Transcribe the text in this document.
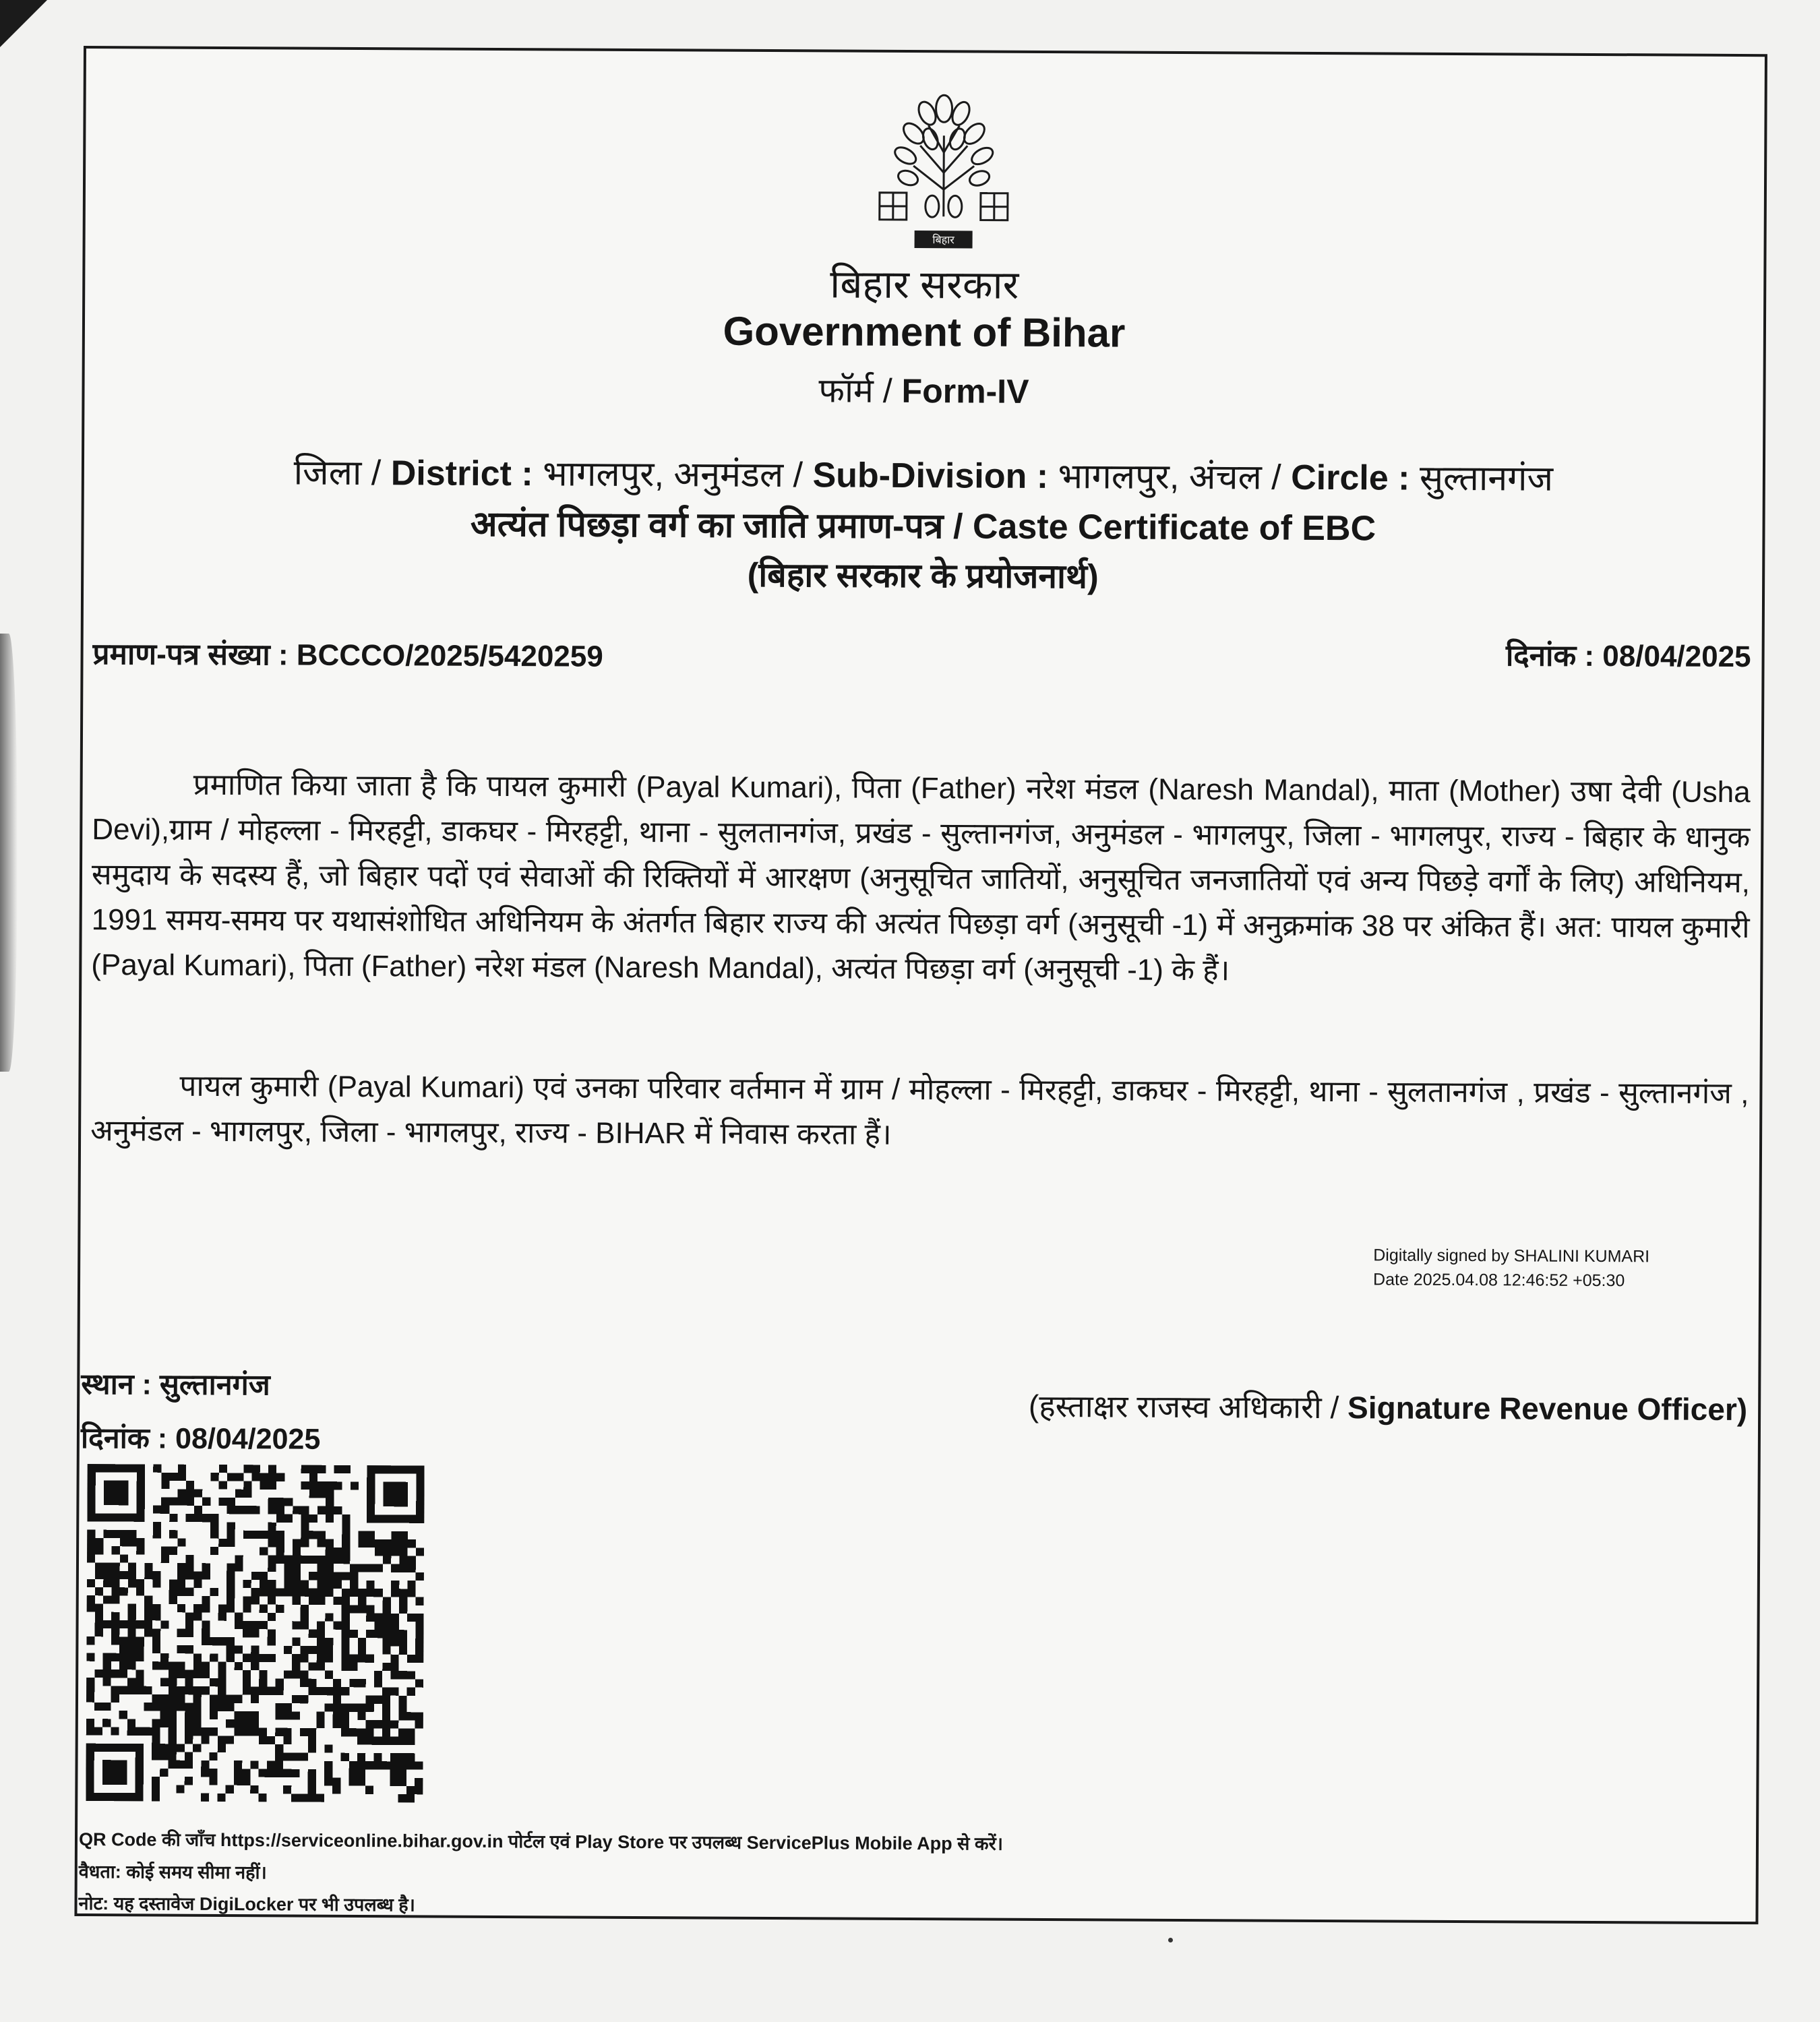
बिहार
बिहार सरकार
Government of Bihar
फॉर्म / Form-IV
जिला / District : भागलपुर, अनुमंडल / Sub-Division : भागलपुर, अंचल / Circle : सुल्तानगंज
अत्यंत पिछड़ा वर्ग का जाति प्रमाण-पत्र / Caste Certificate of EBC
(बिहार सरकार के प्रयोजनार्थ)
प्रमाण-पत्र संख्या : BCCCO/2025/5420259	दिनांक : 08/04/2025
प्रमाणित किया जाता है कि पायल कुमारी (Payal Kumari), पिता (Father) नरेश मंडल (Naresh Mandal), माता (Mother) उषा देवी (Usha Devi),ग्राम / मोहल्ला - मिरहट्टी, डाकघर - मिरहट्टी, थाना - सुलतानगंज, प्रखंड - सुल्तानगंज, अनुमंडल - भागलपुर, जिला - भागलपुर, राज्य - बिहार के धानुक समुदाय के सदस्य हैं, जो बिहार पदों एवं सेवाओं की रिक्तियों में आरक्षण (अनुसूचित जातियों, अनुसूचित जनजातियों एवं अन्य पिछड़े वर्गों के लिए) अधिनियम, 1991 समय-समय पर यथासंशोधित अधिनियम के अंतर्गत बिहार राज्य की अत्यंत पिछड़ा वर्ग (अनुसूची -1) में अनुक्रमांक 38 पर अंकित हैं। अत: पायल कुमारी (Payal Kumari), पिता (Father) नरेश मंडल (Naresh Mandal), अत्यंत पिछड़ा वर्ग (अनुसूची -1) के हैं।
पायल कुमारी (Payal Kumari) एवं उनका परिवार वर्तमान में ग्राम / मोहल्ला - मिरहट्टी, डाकघर - मिरहट्टी, थाना - सुलतानगंज , प्रखंड - सुल्तानगंज , अनुमंडल - भागलपुर, जिला - भागलपुर, राज्य - BIHAR में निवास करता हैं।
Digitally signed by SHALINI KUMARI
Date 2025.04.08 12:46:52 +05:30
स्थान : सुल्तानगंज
दिनांक : 08/04/2025
(हस्ताक्षर राजस्व अधिकारी / Signature Revenue Officer)
QR Code की जाँच https://serviceonline.bihar.gov.in पोर्टल एवं Play Store पर उपलब्ध ServicePlus Mobile App से करें।
वैधता: कोई समय सीमा नहीं।
नोट: यह दस्तावेज DigiLocker पर भी उपलब्ध है।
